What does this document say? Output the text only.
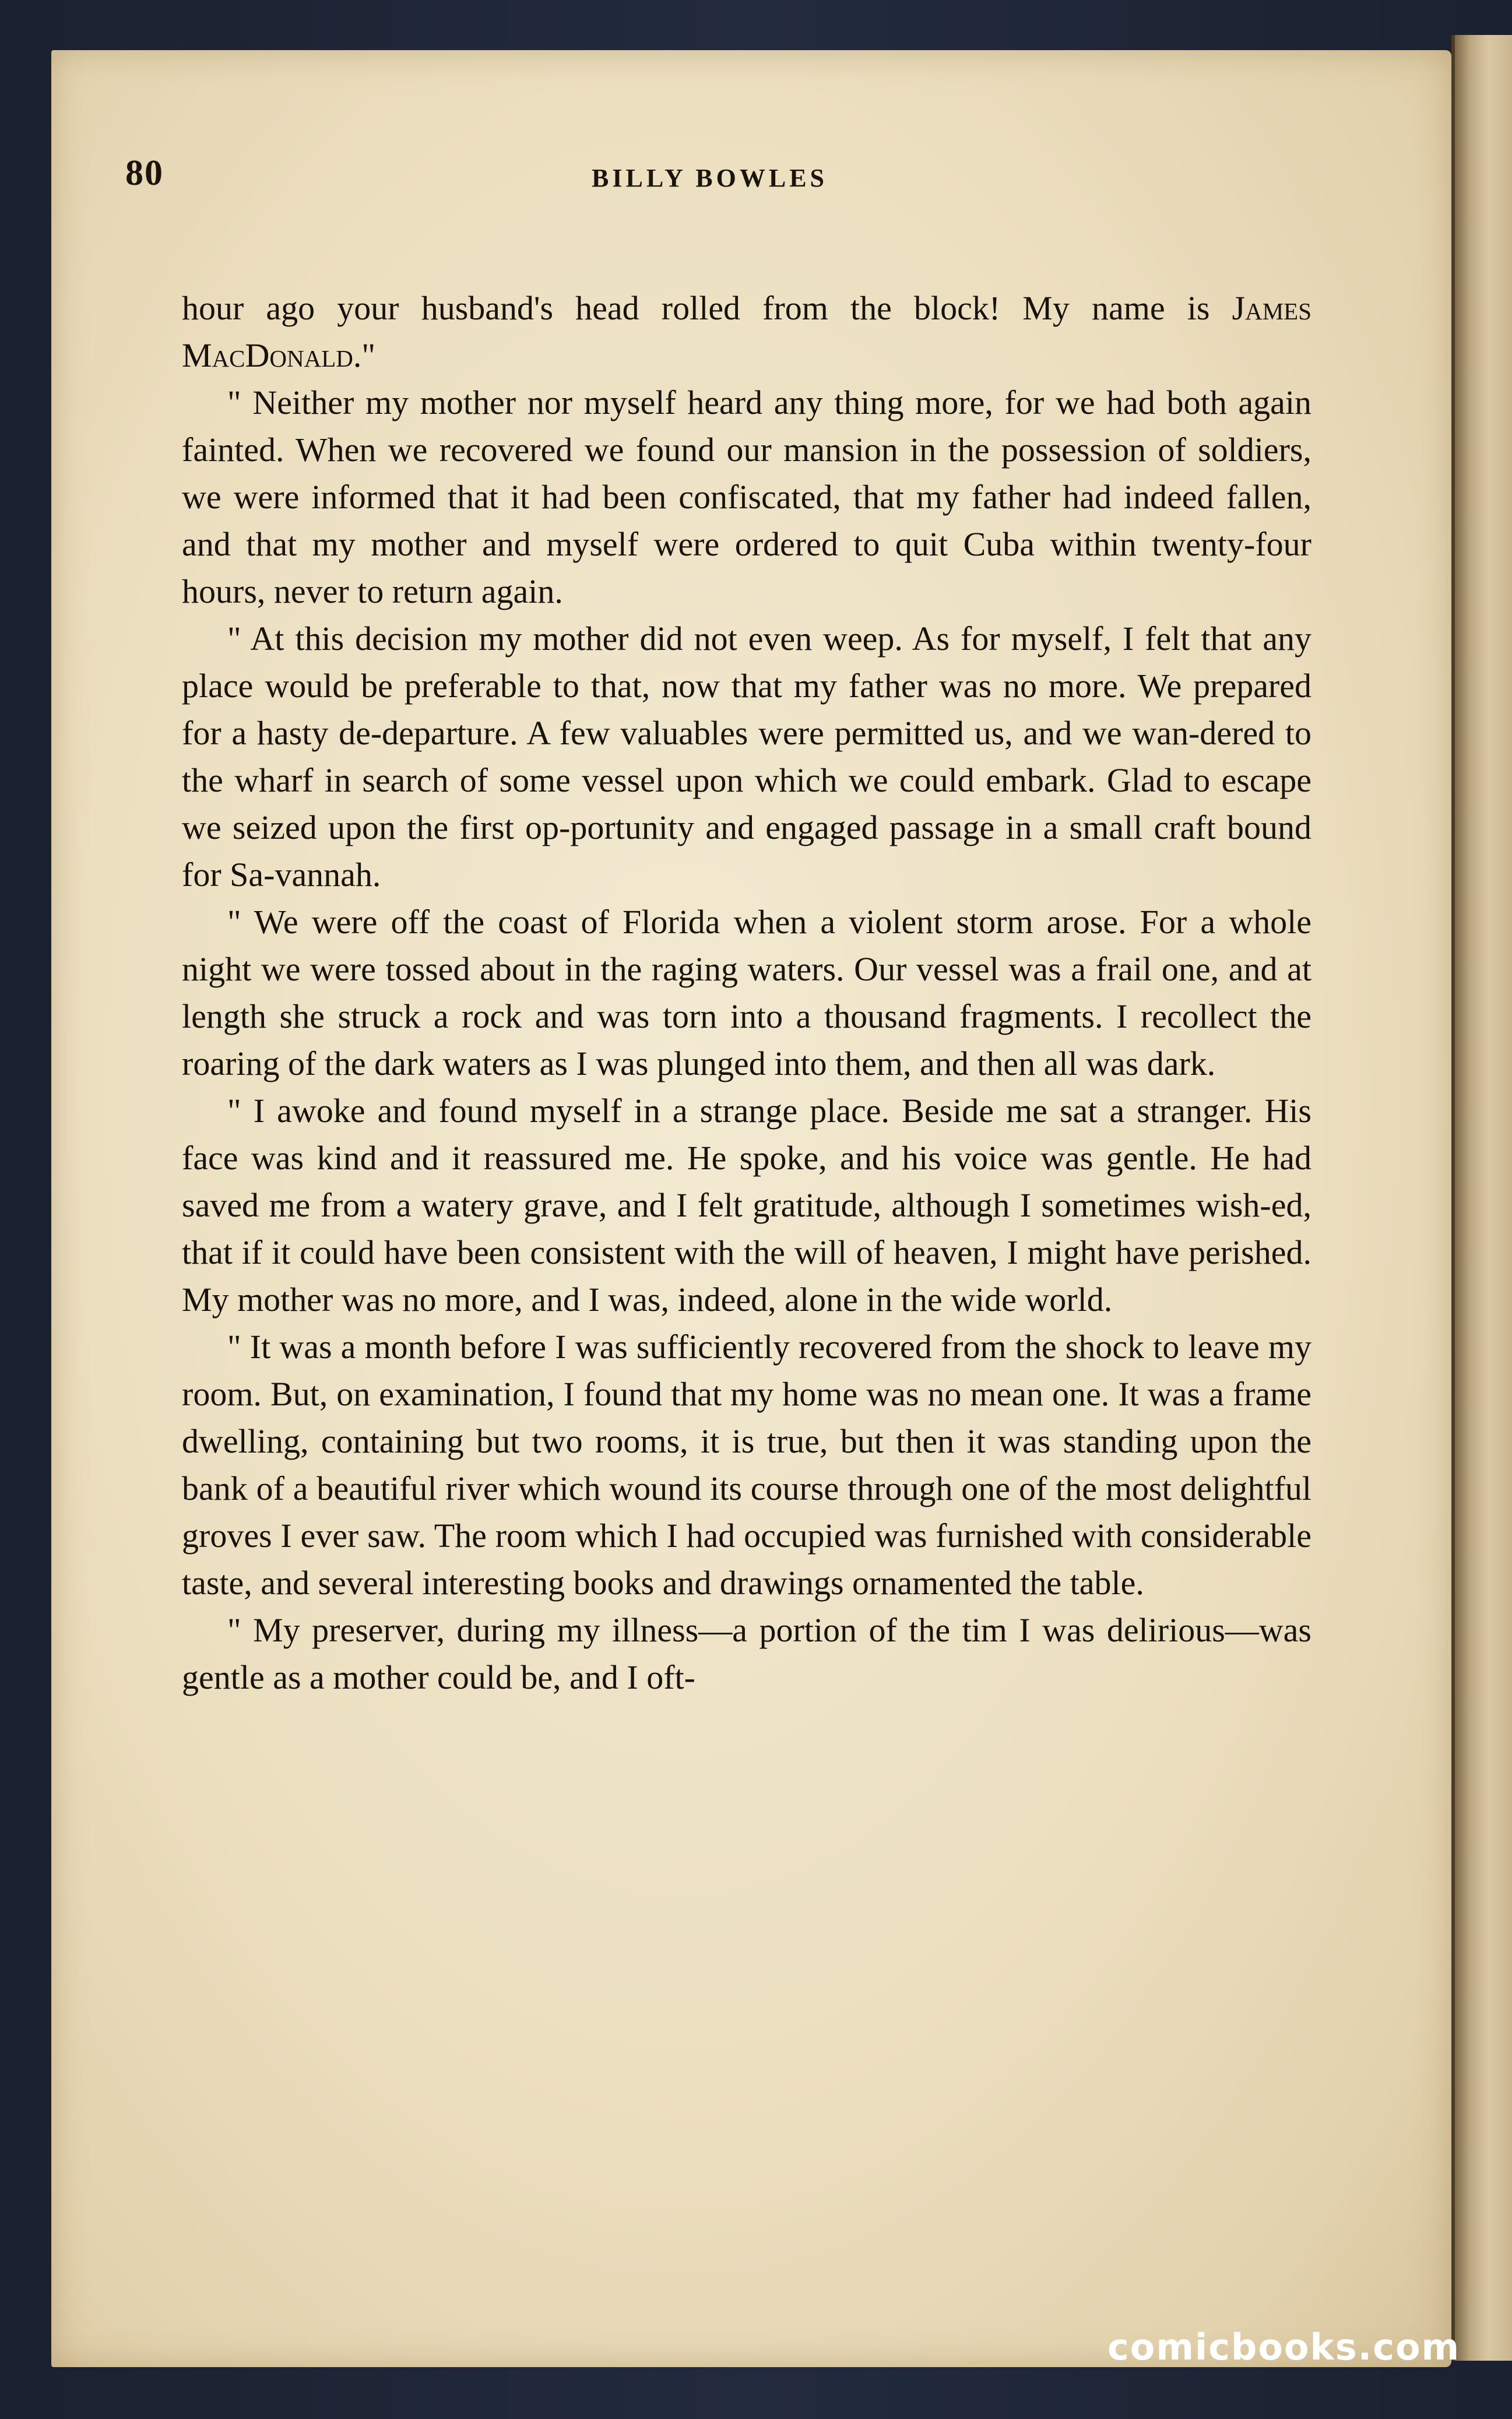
80	BILLY BOWLES

hour ago your husband's head rolled from the block! My name is James MacDonald."

" Neither my mother nor myself heard any thing more, for we had both again fainted. When we recovered we found our mansion in the possession of soldiers, we were informed that it had been confiscated, that my father had indeed fallen, and that my mother and myself were ordered to quit Cuba within twenty-four hours, never to return again.

" At this decision my mother did not even weep. As for myself, I felt that any place would be preferable to that, now that my father was no more. We prepared for a hasty de-departure. A few valuables were permitted us, and we wan-dered to the wharf in search of some vessel upon which we could embark. Glad to escape we seized upon the first op-portunity and engaged passage in a small craft bound for Sa-vannah.

" We were off the coast of Florida when a violent storm arose. For a whole night we were tossed about in the raging waters. Our vessel was a frail one, and at length she struck a rock and was torn into a thousand fragments. I recollect the roaring of the dark waters as I was plunged into them, and then all was dark.

" I awoke and found myself in a strange place. Beside me sat a stranger. His face was kind and it reassured me. He spoke, and his voice was gentle. He had saved me from a watery grave, and I felt gratitude, although I sometimes wish-ed, that if it could have been consistent with the will of heaven, I might have perished. My mother was no more, and I was, indeed, alone in the wide world.

" It was a month before I was sufficiently recovered from the shock to leave my room. But, on examination, I found that my home was no mean one. It was a frame dwelling, containing but two rooms, it is true, but then it was standing upon the bank of a beautiful river which wound its course through one of the most delightful groves I ever saw. The room which I had occupied was furnished with considerable taste, and several interesting books and drawings ornamented the table.

" My preserver, during my illness—a portion of the tim I was delirious—was gentle as a mother could be, and I oft-

comicbooks.com
